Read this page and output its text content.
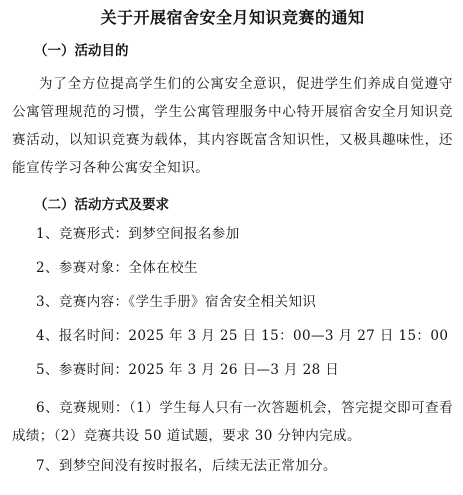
关于开展宿舍安全月知识竞赛的通知
（一）活动目的
为了全方位提高学生们的公寓安全意识，促进学生们养成自觉遵守公寓管理规范的习惯，学生公寓管理服务中心特开展宿舍安全月知识竞赛活动，以知识竞赛为载体，其内容既富含知识性，又极具趣味性，还能宣传学习各种公寓安全知识。
（二）活动方式及要求
1、竞赛形式：到梦空间报名参加
2、参赛对象：全体在校生
3、竞赛内容：《学生手册》宿舍安全相关知识
4、报名时间：2025 年 3 月 25 日 15：00—3 月 27 日 15：00
5、参赛时间：2025 年 3 月 26 日—3 月 28 日
6、竞赛规则：（1）学生每人只有一次答题机会，答完提交即可查看成绩；（2）竞赛共设 50 道试题，要求 30 分钟内完成。
7、到梦空间没有按时报名，后续无法正常加分。
